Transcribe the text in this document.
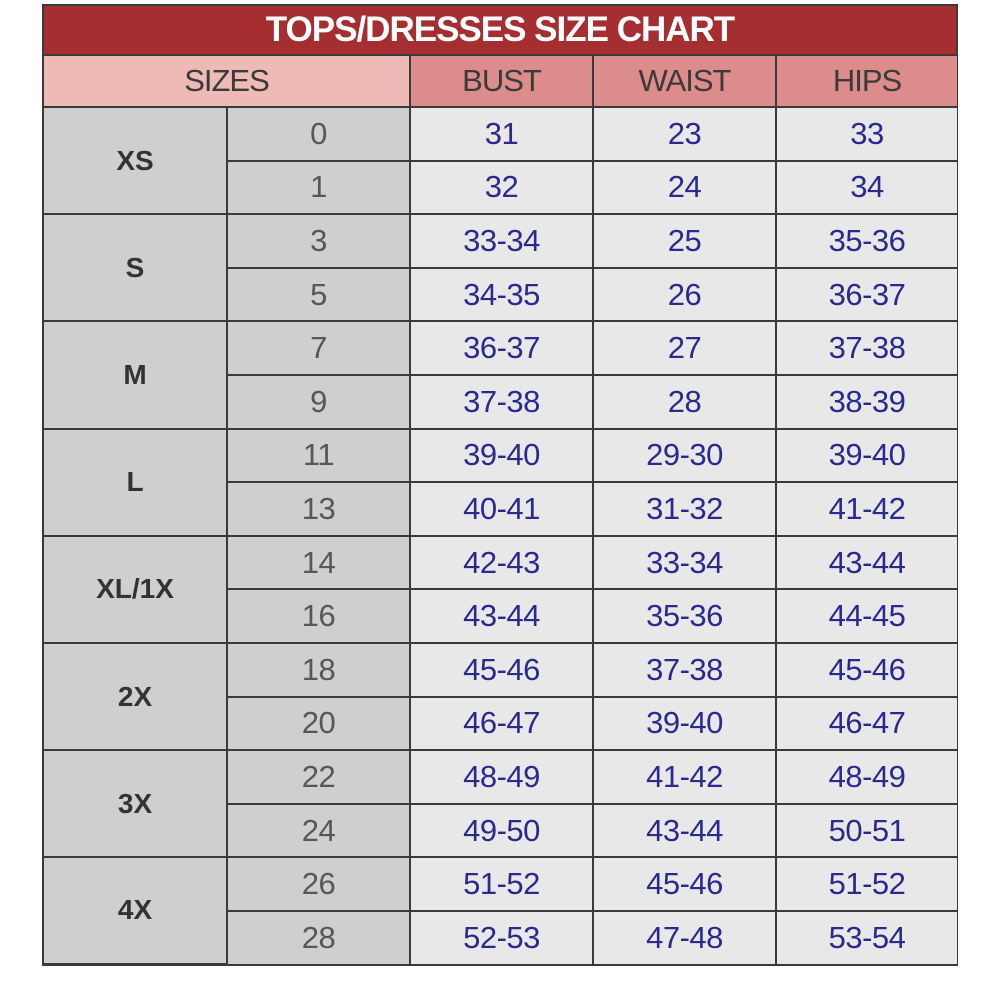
TOPS/DRESSES SIZE CHART
SIZES		BUST	WAIST	HIPS
XS	0	31	23	33
	1	32	24	34
S	3	33-34	25	35-36
	5	34-35	26	36-37
M	7	36-37	27	37-38
	9	37-38	28	38-39
L	11	39-40	29-30	39-40
	13	40-41	31-32	41-42
XL/1X	14	42-43	33-34	43-44
	16	43-44	35-36	44-45
2X	18	45-46	37-38	45-46
	20	46-47	39-40	46-47
3X	22	48-49	41-42	48-49
	24	49-50	43-44	50-51
4X	26	51-52	45-46	51-52
	28	52-53	47-48	53-54
